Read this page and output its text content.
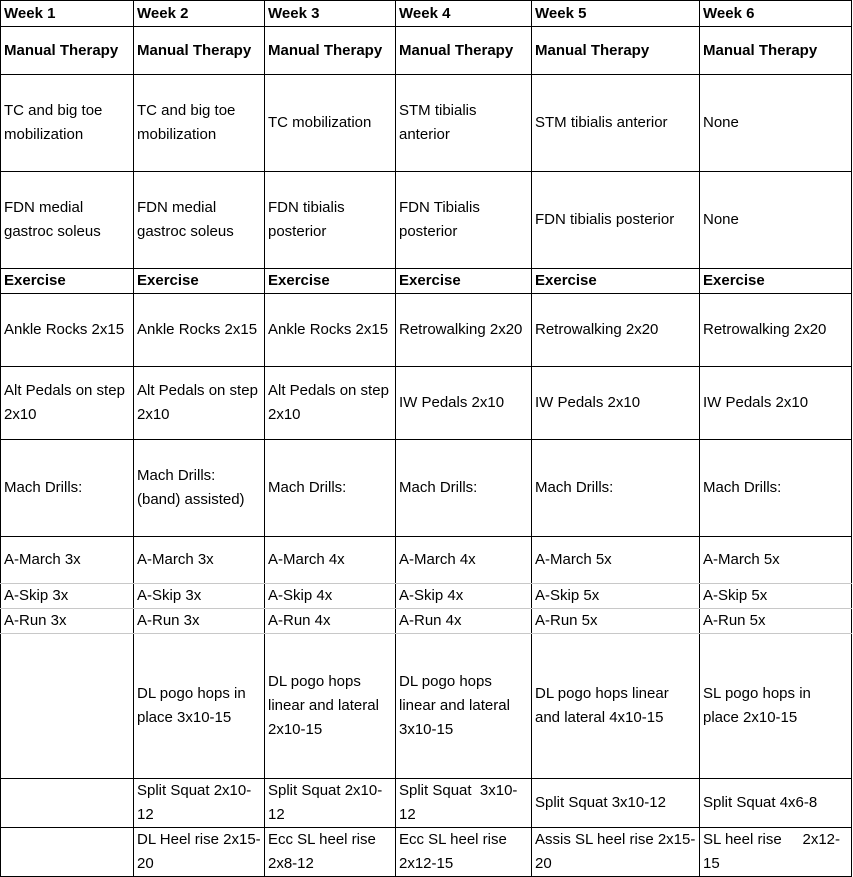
Week 1	Week 2	Week 3	Week 4	Week 5	Week 6
Manual Therapy	Manual Therapy	Manual Therapy	Manual Therapy	Manual Therapy	Manual Therapy
TC and big toe mobilization	TC and big toe mobilization	TC mobilization	STM tibialis anterior	STM tibialis anterior	None
FDN medial gastroc soleus	FDN medial gastroc soleus	FDN tibialis posterior	FDN Tibialis posterior	FDN tibialis posterior	None
Exercise	Exercise	Exercise	Exercise	Exercise	Exercise
Ankle Rocks 2x15	Ankle Rocks 2x15	Ankle Rocks 2x15	Retrowalking 2x20	Retrowalking 2x20	Retrowalking 2x20
Alt Pedals on step 2x10	Alt Pedals on step 2x10	Alt Pedals on step 2x10	IW Pedals 2x10	IW Pedals 2x10	IW Pedals 2x10
Mach Drills:	Mach Drills: (band) assisted)	Mach Drills:	Mach Drills:	Mach Drills:	Mach Drills:
A-March 3x	A-March 3x	A-March 4x	A-March 4x	A-March 5x	A-March 5x
A-Skip 3x	A-Skip 3x	A-Skip 4x	A-Skip 4x	A-Skip 5x	A-Skip 5x
A-Run 3x	A-Run 3x	A-Run 4x	A-Run 4x	A-Run 5x	A-Run 5x
	DL pogo hops in place 3x10-15	DL pogo hops linear and lateral 2x10-15	DL pogo hops linear and lateral 3x10-15	DL pogo hops linear and lateral 4x10-15	SL pogo hops in place 2x10-15
	Split Squat 2x10-12	Split Squat 2x10-12	Split Squat  3x10-12	Split Squat 3x10-12	Split Squat 4x6-8
	DL Heel rise 2x15-20	Ecc SL heel rise 2x8-12	Ecc SL heel rise 2x12-15	Assis SL heel rise 2x15-20	SL heel rise     2x12-15
